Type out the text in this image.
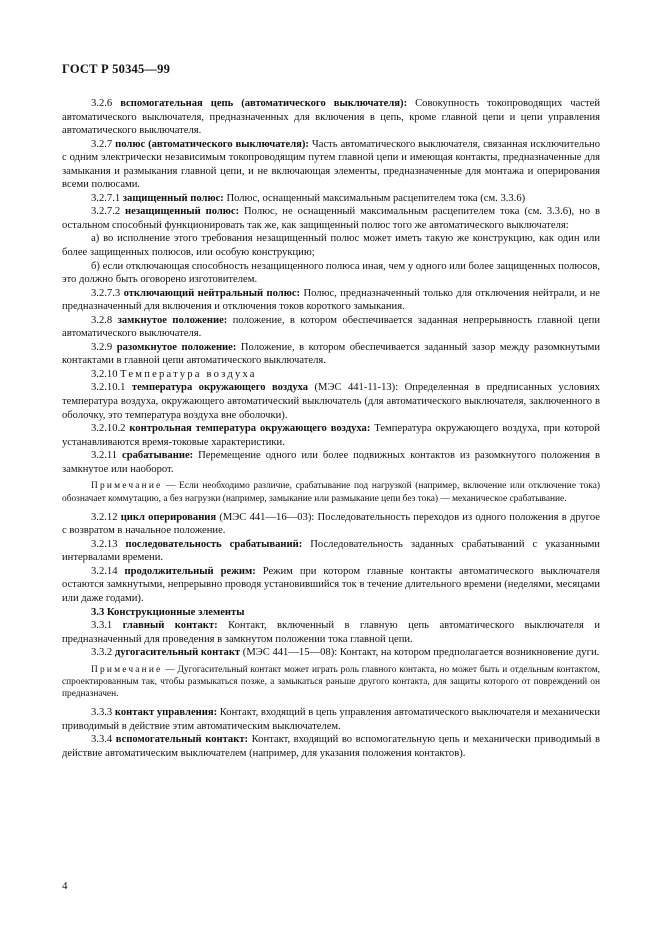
ГОСТ Р 50345—99

3.2.6 вспомогательная цепь (автоматического выключателя): Совокупность токопроводящих частей автоматического выключателя, предназначенных для включения в цепь, кроме главной цепи и цепи управления автоматического выключателя.

3.2.7 полюс (автоматического выключателя): Часть автоматического выключателя, связанная исключительно с одним электрически независимым токопроводящим путем главной цепи и имеющая контакты, предназначенные для замыкания и размыкания главной цепи, и не включающая элементы, предназначенные для монтажа и оперирования всеми полюсами.

3.2.7.1 защищенный полюс: Полюс, оснащенный максимальным расцепителем тока (см. 3.3.6)

3.2.7.2 незащищенный полюс: Полюс, не оснащенный максимальным расцепителем тока (см. 3.3.6), но в остальном способный функционировать так же, как защищенный полюс того же автоматического выключателя:

а) во исполнение этого требования незащищенный полюс может иметь такую же конструкцию, как один или более защищенных полюсов, или особую конструкцию;

б) если отключающая способность незащищенного полюса иная, чем у одного или более защищенных полюсов, это должно быть оговорено изготовителем.

3.2.7.3 отключающий нейтральный полюс: Полюс, предназначенный только для отключения нейтрали, и не предназначенный для включения и отключения токов короткого замыкания.

3.2.8 замкнутое положение: положение, в котором обеспечивается заданная непрерывность главной цепи автоматического выключателя.

3.2.9 разомкнутое положение: Положение, в котором обеспечивается заданный зазор между разомкнутыми контактами в главной цепи автоматического выключателя.

3.2.10 Температура воздуха

3.2.10.1 температура окружающего воздуха (МЭС 441-11-13): Определенная в предписанных условиях температура воздуха, окружающего автоматический выключатель (для автоматического выключателя, заключенного в оболочку, это температура воздуха вне оболочки).

3.2.10.2 контрольная температура окружающего воздуха: Температура окружающего воздуха, при которой устанавливаются время-токовые характеристики.

3.2.11 срабатывание: Перемещение одного или более подвижных контактов из разомкнутого положения в замкнутое или наоборот.

Примечание — Если необходимо различие, срабатывание под нагрузкой (например, включение или отключение тока) обозначает коммутацию, а без нагрузки (например, замыкание или размыкание цепи без тока) — механическое срабатывание.

3.2.12 цикл оперирования (МЭС 441—16—03): Последовательность переходов из одного положения в другое с возвратом в начальное положение.

3.2.13 последовательность срабатываний: Последовательность заданных срабатываний с указанными интервалами времени.

3.2.14 продолжительный режим: Режим при котором главные контакты автоматического выключателя остаются замкнутыми, непрерывно проводя установившийся ток в течение длительного времени (неделями, месяцами или даже годами).

3.3 Конструкционные элементы

3.3.1 главный контакт: Контакт, включенный в главную цепь автоматического выключателя и предназначенный для проведения в замкнутом положении тока главной цепи.

3.3.2 дугогасительный контакт (МЭС 441—15—08): Контакт, на котором предполагается возникновение дуги.

Примечание — Дугогасительный контакт может играть роль главного контакта, но может быть и отдельным контактом, спроектированным так, чтобы размыкаться позже, а замыкаться раньше другого контакта, для защиты которого от повреждений он предназначен.

3.3.3 контакт управления: Контакт, входящий в цепь управления автоматического выключателя и механически приводимый в действие этим автоматическим выключателем.

3.3.4 вспомогательный контакт: Контакт, входящий во вспомогательную цепь и механически приводимый в действие автоматическим выключателем (например, для указания положения контактов).

4
